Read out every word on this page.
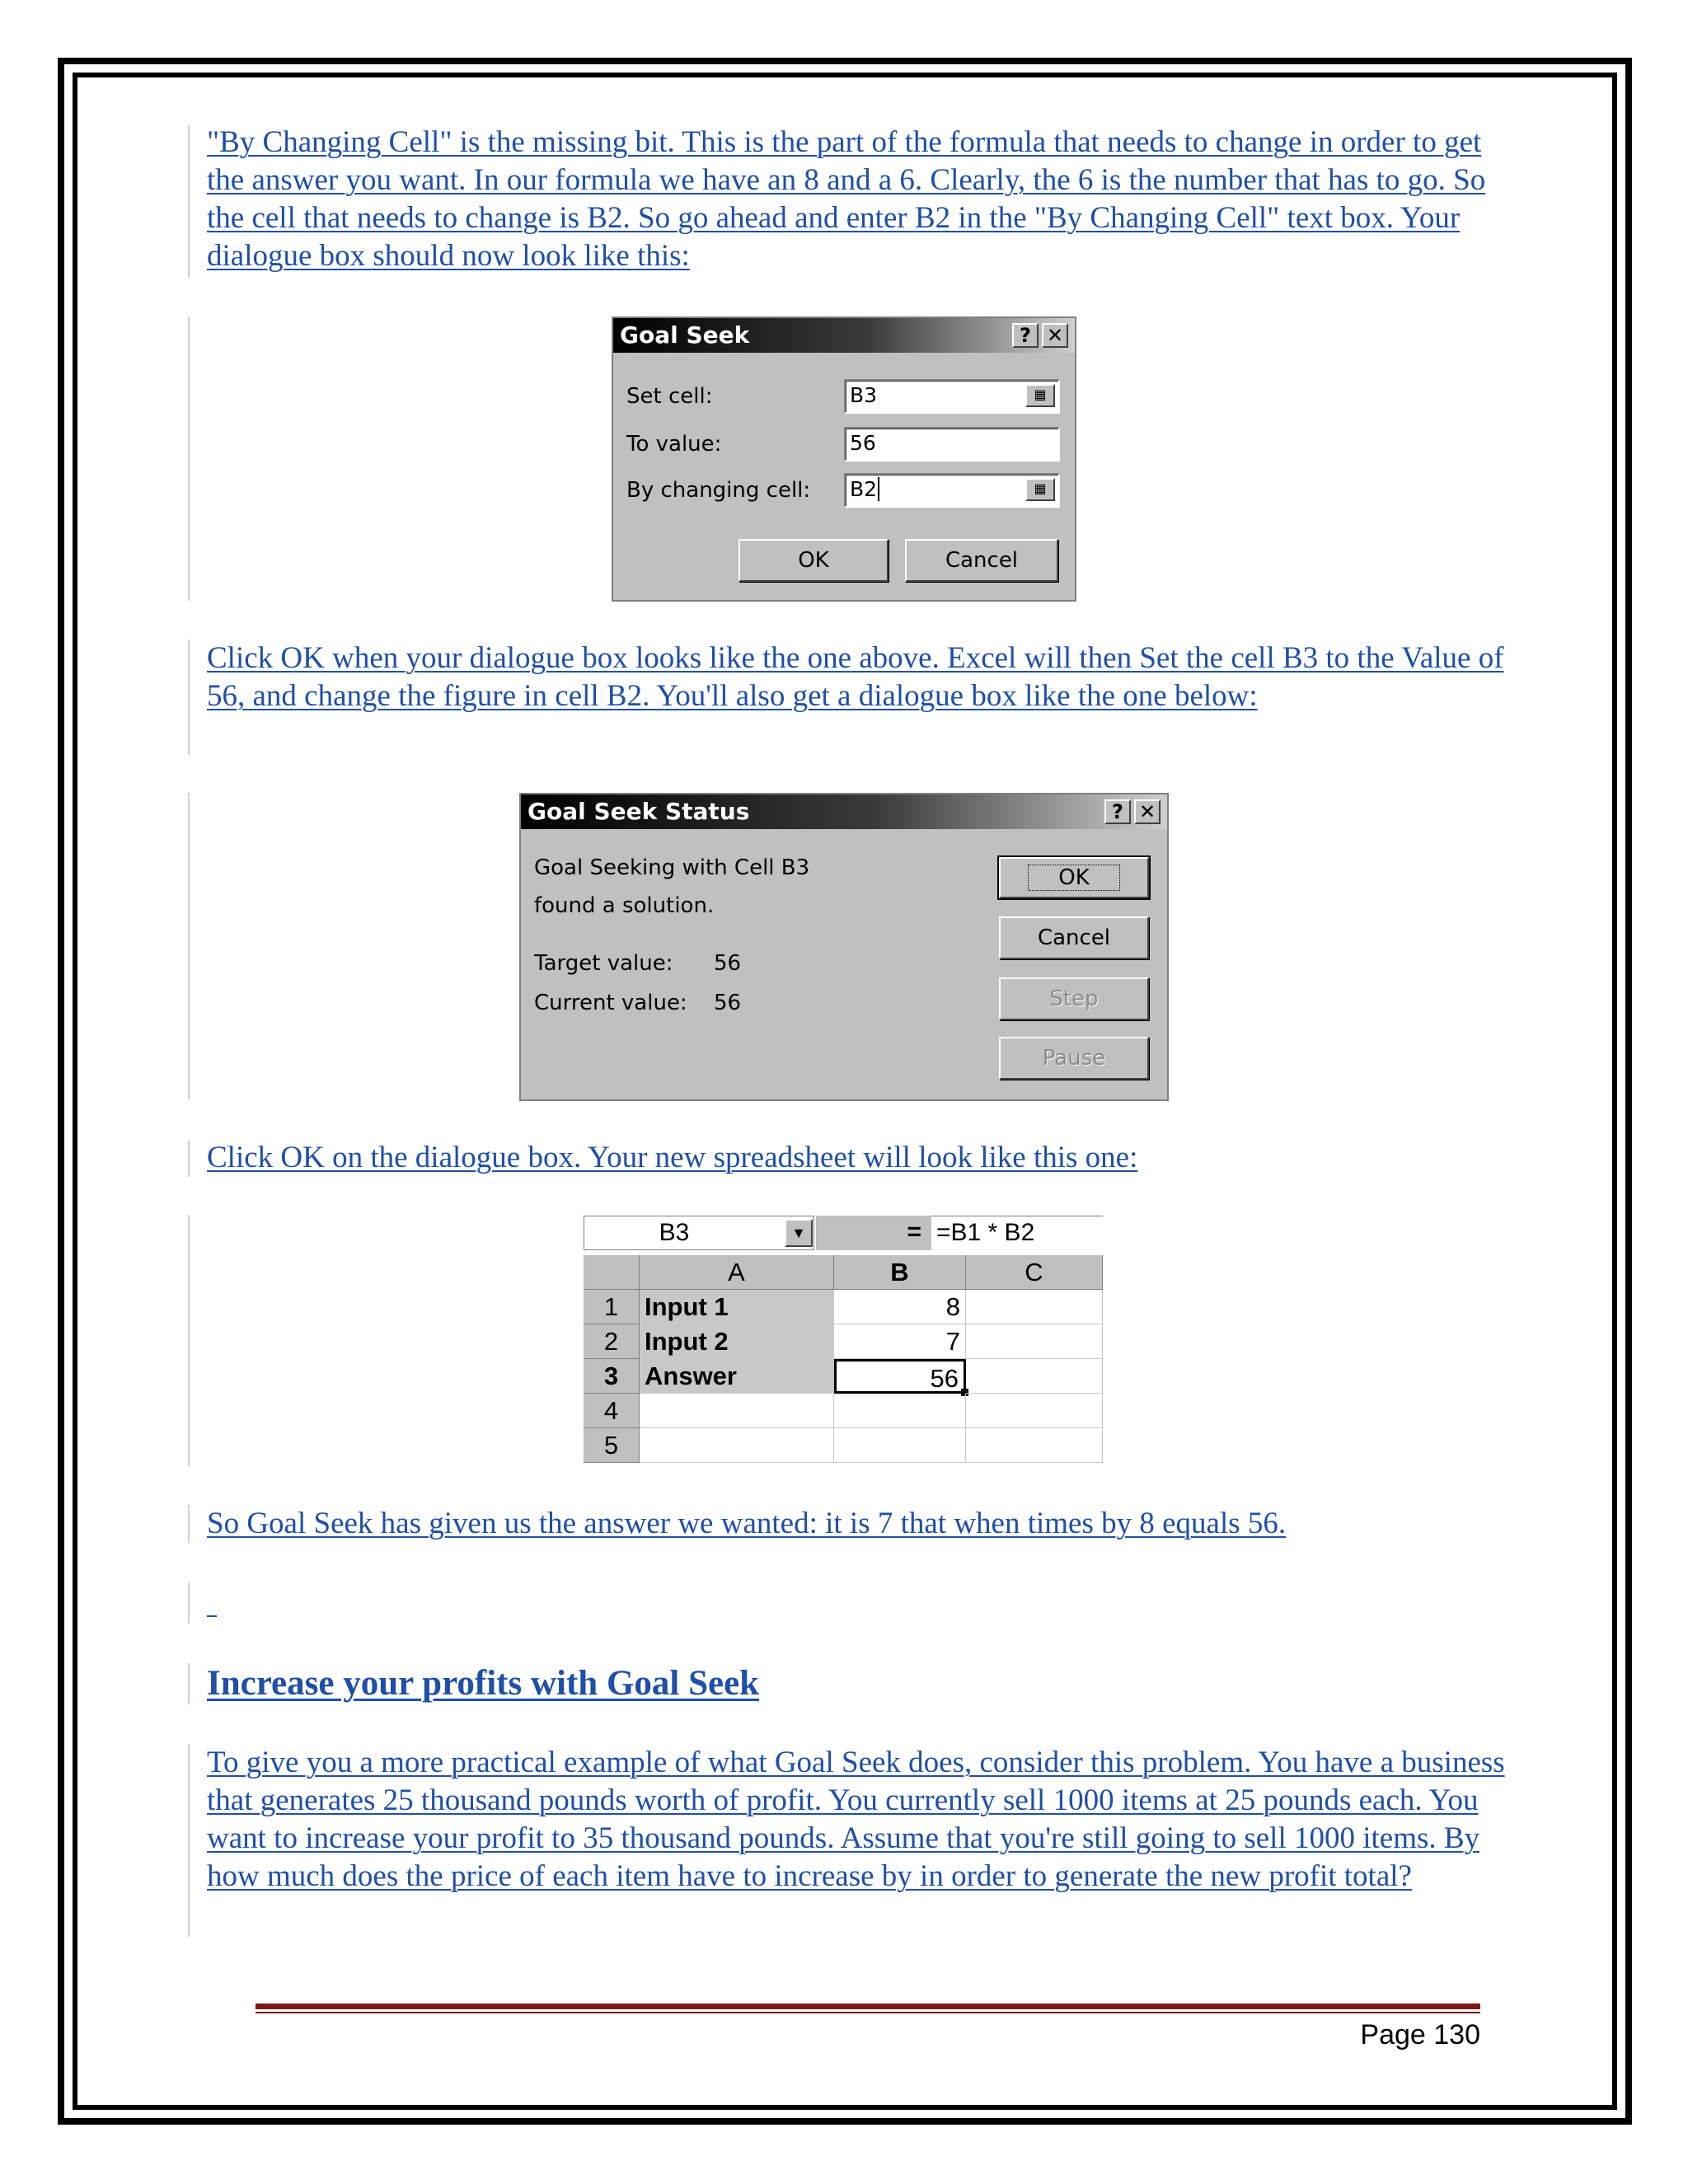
"By Changing Cell" is the missing bit. This is the part of the formula that needs to change in order to get the answer you want. In our formula we have an 8 and a 6. Clearly, the 6 is the number that has to go. So the cell that needs to change is B2. So go ahead and enter B2 in the "By Changing Cell" text box. Your dialogue box should now look like this:

Goal Seek	? ✕
Set cell:	B3	▦
To value:	56
By changing cell: B2	▦
OK	Cancel

Click OK when your dialogue box looks like the one above. Excel will then Set the cell B3 to the Value of 56, and change the figure in cell B2. You'll also get a dialogue box like the one below:

Goal Seek Status	? ✕
Goal Seeking with Cell B3
found a solution.
Target value: 56
Current value: 56
OK
Cancel
Step
Pause

Click OK on the dialogue box. Your new spreadsheet will look like this one:

B3	▼	= =B1 * B2
A	B	C
1	Input 1	8
2	Input 2	7
3	Answer	56
4
5

So Goal Seek has given us the answer we wanted: it is 7 that when times by 8 equals 56.

Increase your profits with Goal Seek

To give you a more practical example of what Goal Seek does, consider this problem. You have a business that generates 25 thousand pounds worth of profit. You currently sell 1000 items at 25 pounds each. You want to increase your profit to 35 thousand pounds. Assume that you're still going to sell 1000 items. By how much does the price of each item have to increase by in order to generate the new profit total?

Page 130
